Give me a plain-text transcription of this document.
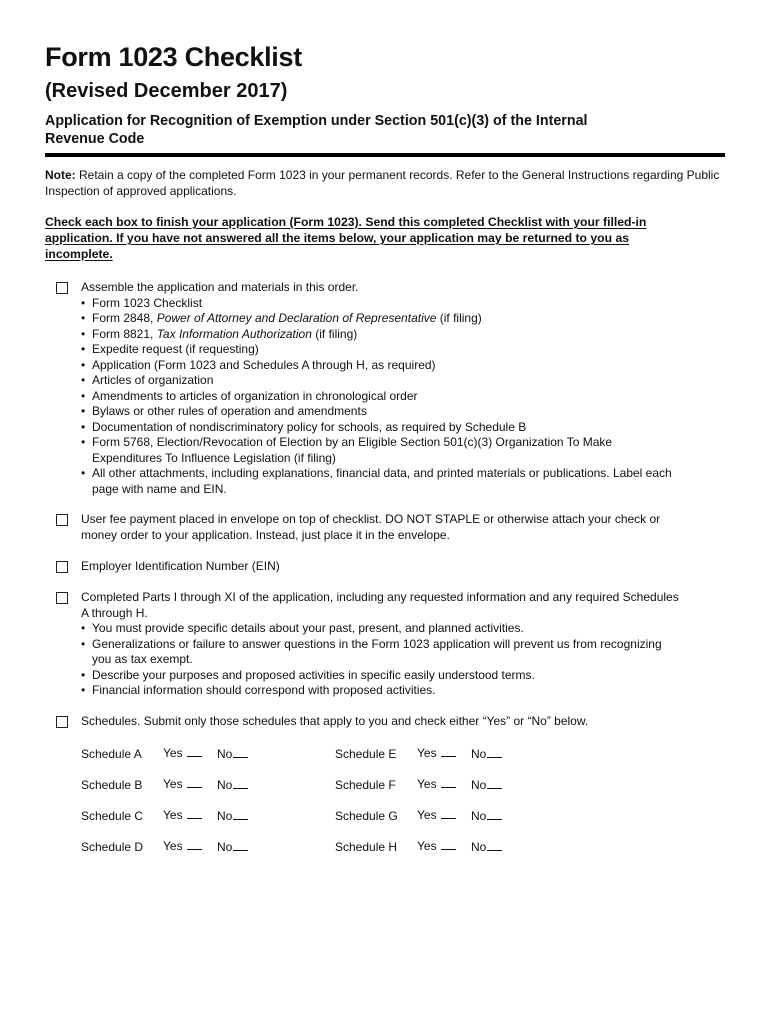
Form 1023 Checklist
(Revised December 2017)
Application for Recognition of Exemption under Section 501(c)(3) of the Internal Revenue Code
Note: Retain a copy of the completed Form 1023 in your permanent records. Refer to the General Instructions regarding Public Inspection of approved applications.
Check each box to finish your application (Form 1023). Send this completed Checklist with your filled-in application. If you have not answered all the items below, your application may be returned to you as incomplete.
Assemble the application and materials in this order.
• Form 1023 Checklist
• Form 2848, Power of Attorney and Declaration of Representative (if filing)
• Form 8821, Tax Information Authorization (if filing)
• Expedite request (if requesting)
• Application (Form 1023 and Schedules A through H, as required)
• Articles of organization
• Amendments to articles of organization in chronological order
• Bylaws or other rules of operation and amendments
• Documentation of nondiscriminatory policy for schools, as required by Schedule B
• Form 5768, Election/Revocation of Election by an Eligible Section 501(c)(3) Organization To Make Expenditures To Influence Legislation (if filing)
• All other attachments, including explanations, financial data, and printed materials or publications. Label each page with name and EIN.
User fee payment placed in envelope on top of checklist. DO NOT STAPLE or otherwise attach your check or money order to your application. Instead, just place it in the envelope.
Employer Identification Number (EIN)
Completed Parts I through XI of the application, including any requested information and any required Schedules A through H.
• You must provide specific details about your past, present, and planned activities.
• Generalizations or failure to answer questions in the Form 1023 application will prevent us from recognizing you as tax exempt.
• Describe your purposes and proposed activities in specific easily understood terms.
• Financial information should correspond with proposed activities.
Schedules. Submit only those schedules that apply to you and check either “Yes” or “No” below.
Schedule A Yes	No
Schedule B Yes	No
Schedule C Yes	No
Schedule D Yes	No
Schedule E Yes	No
Schedule F Yes	No
Schedule G Yes	No
Schedule H Yes	No
